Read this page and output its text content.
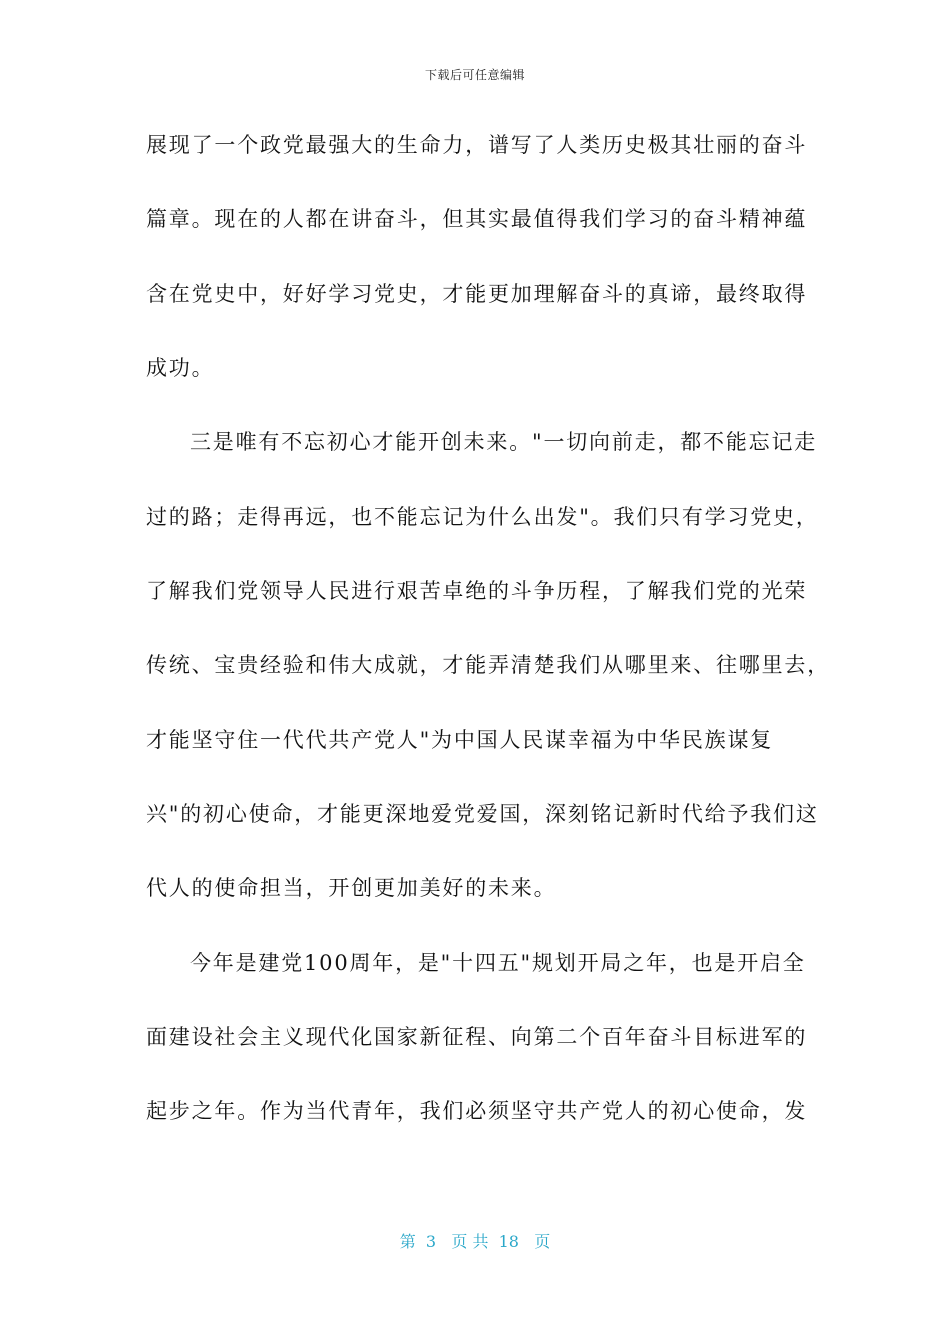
下载后可任意编辑
展现了一个政党最强大的生命力，谱写了人类历史极其壮丽的奋斗
篇章。现在的人都在讲奋斗，但其实最值得我们学习的奋斗精神蕴
含在党史中，好好学习党史，才能更加理解奋斗的真谛，最终取得
成功。
三是唯有不忘初心才能开创未来。"一切向前走，都不能忘记走
过的路；走得再远，也不能忘记为什么出发"。我们只有学习党史，
了解我们党领导人民进行艰苦卓绝的斗争历程，了解我们党的光荣
传统、宝贵经验和伟大成就，才能弄清楚我们从哪里来、往哪里去，
才能坚守住一代代共产党人"为中国人民谋幸福为中华民族谋复
兴"的初心使命，才能更深地爱党爱国，深刻铭记新时代给予我们这
代人的使命担当，开创更加美好的未来。
今年是建党100周年，是"十四五"规划开局之年，也是开启全
面建设社会主义现代化国家新征程、向第二个百年奋斗目标进军的
起步之年。作为当代青年，我们必须坚守共产党人的初心使命，发
第  3   页 共  18   页
